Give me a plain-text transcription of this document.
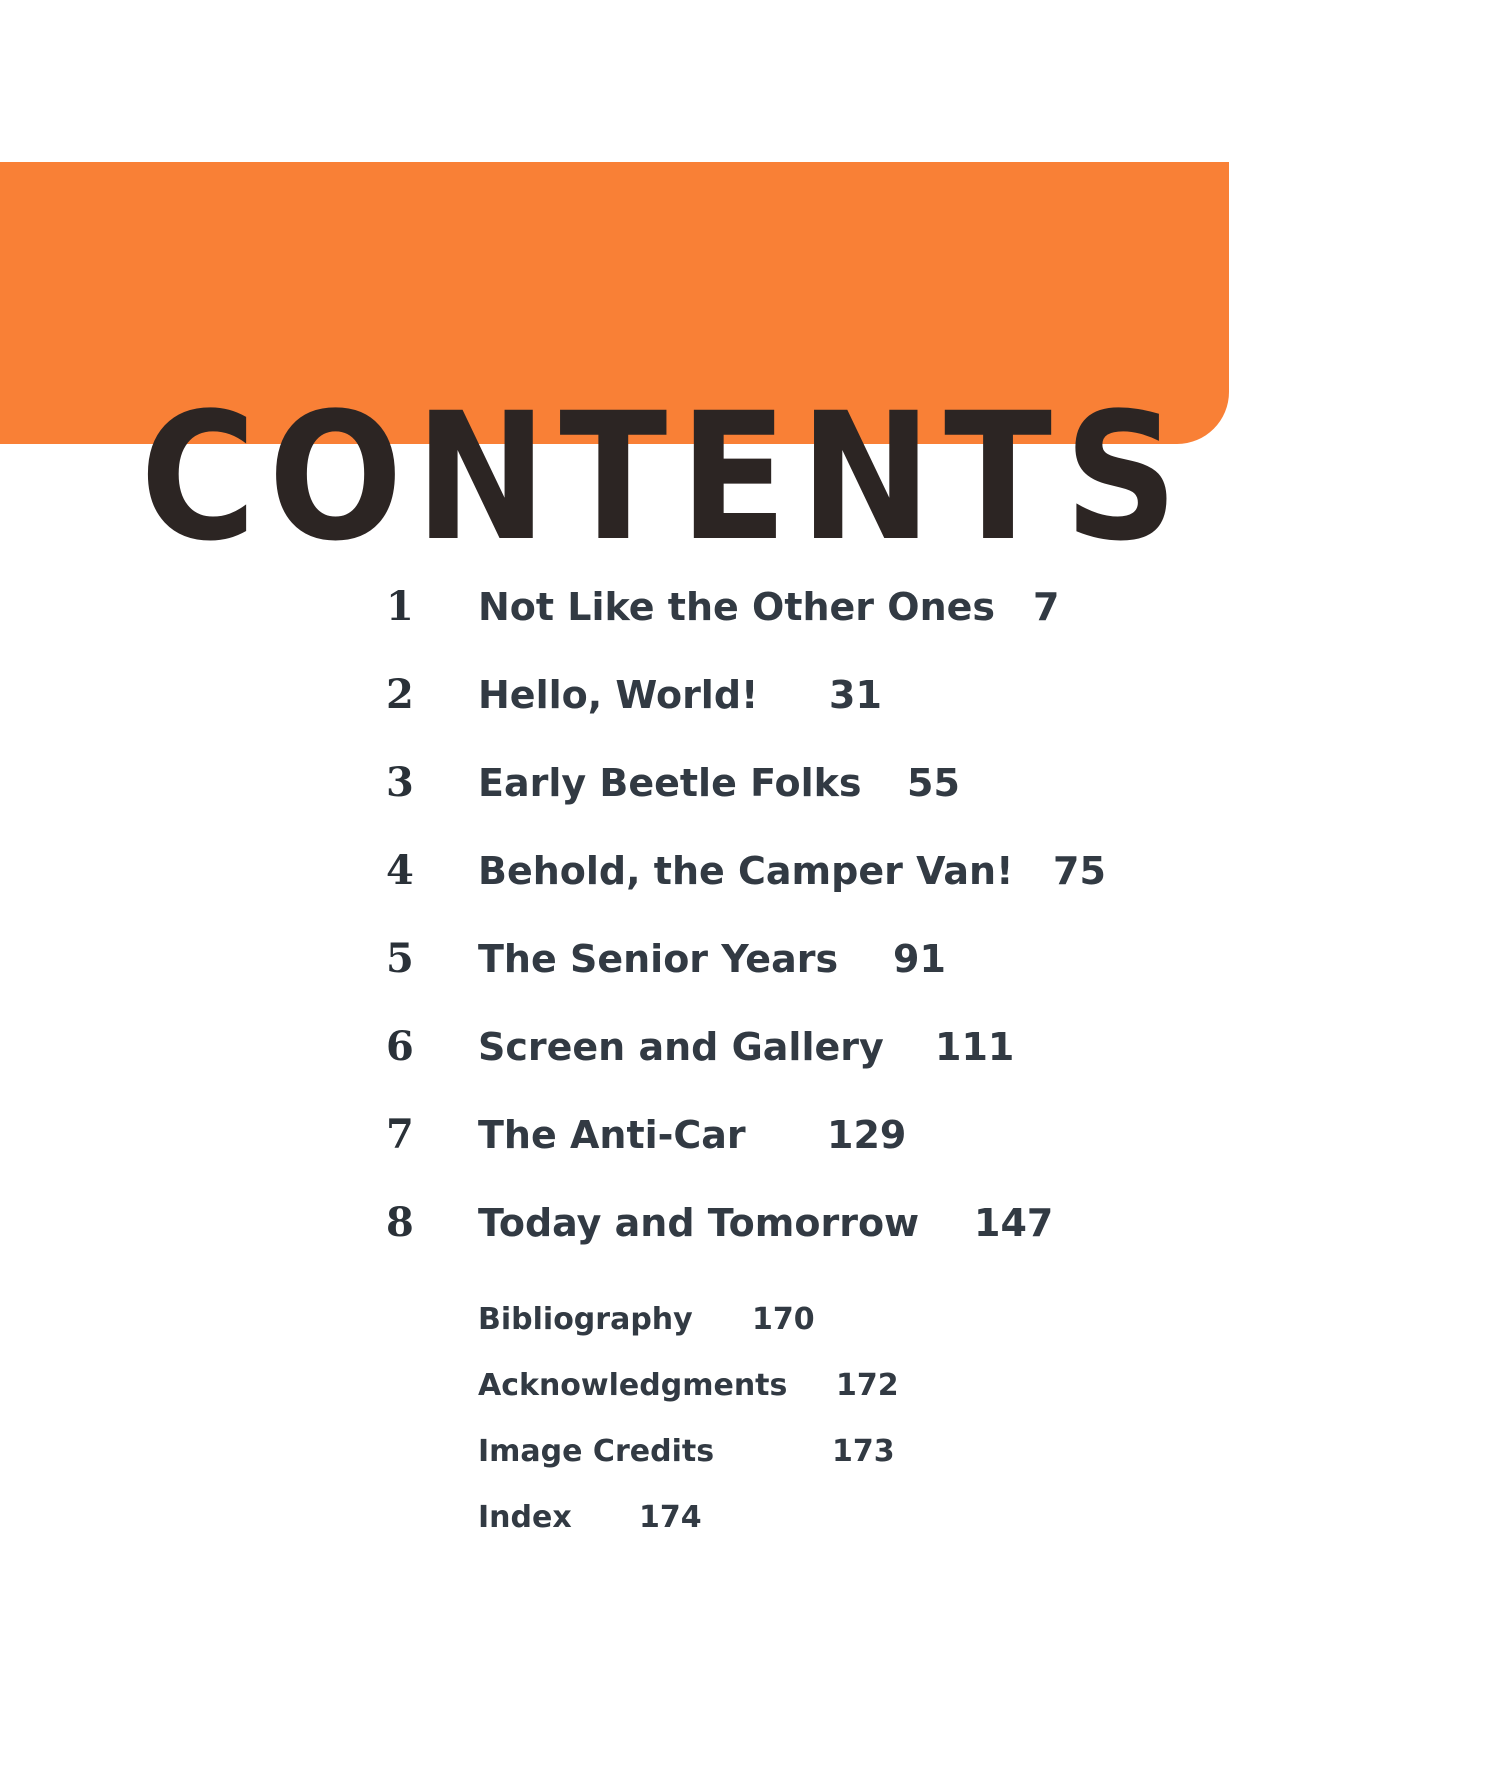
CONTENTS
1 Not Like the Other Ones 7
2 Hello, World! 31
3 Early Beetle Folks 55
4 Behold, the Camper Van! 75
5 The Senior Years 91
6 Screen and Gallery 111
7 The Anti-Car 129
8 Today and Tomorrow 147
Bibliography 170
Acknowledgments 172
Image Credits	173
Index 174
